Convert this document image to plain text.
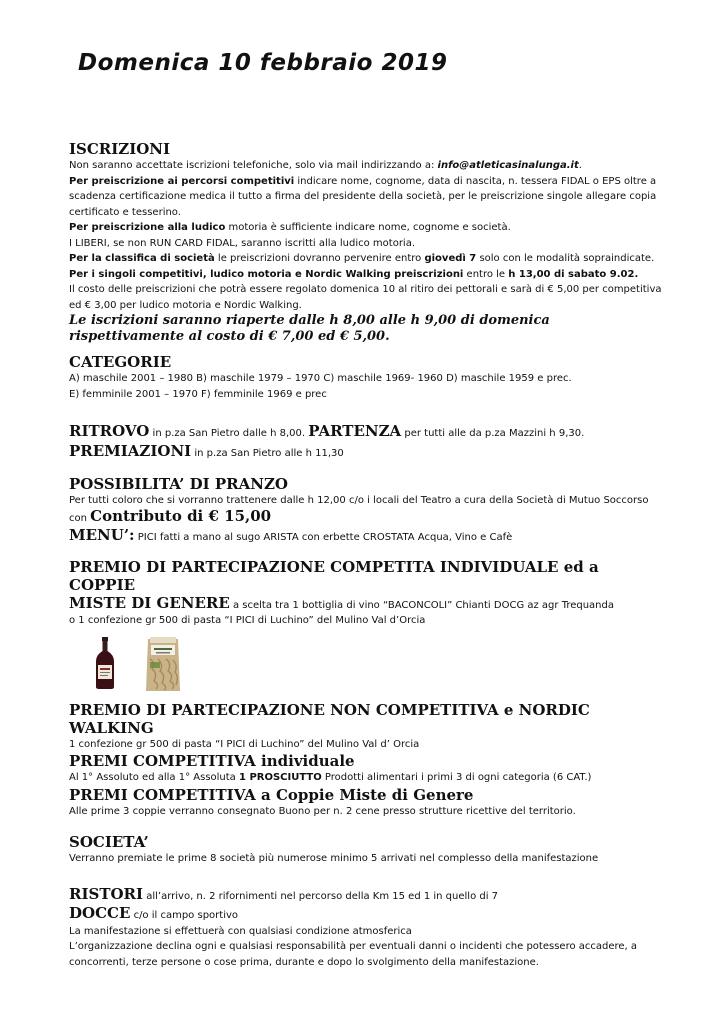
Domenica 10 febbraio 2019
ISCRIZIONI
Non saranno accettate iscrizioni telefoniche, solo via mail indirizzando a: info@atleticasinalunga.it.
Per preiscrizione ai percorsi competitivi indicare nome, cognome, data di nascita, n. tessera FIDAL o EPS oltre a scadenza certificazione medica il tutto a firma del presidente della società, per le preiscrizione singole allegare copia certificato e tesserino.
Per preiscrizione alla ludico motoria è sufficiente indicare nome, cognome e società.
I LIBERI, se non RUN CARD FIDAL, saranno iscritti alla ludico motoria.
Per la classifica di società le preiscrizioni dovranno pervenire entro giovedì 7 solo con le modalità sopraindicate.
Per i singoli competitivi, ludico motoria e Nordic Walking preiscrizioni entro le h 13,00 di sabato 9.02.
Il costo delle preiscrizioni che potrà essere regolato domenica 10 al ritiro dei pettorali e sarà di € 5,00 per competitiva ed € 3,00 per ludico motoria e Nordic Walking.
Le iscrizioni saranno riaperte dalle h 8,00 alle h 9,00 di domenica rispettivamente al costo di € 7,00 ed € 5,00.
CATEGORIE
A) maschile 2001 – 1980 B) maschile 1979 – 1970 C) maschile 1969- 1960 D) maschile 1959 e prec.
E) femminile 2001 – 1970 F) femminile 1969 e prec
RITROVO in p.za San Pietro dalle h 8,00. PARTENZA per tutti alle da p.za Mazzini h 9,30.
PREMIAZIONI in p.za San Pietro alle h 11,30
POSSIBILITA’ DI PRANZO
Per tutti coloro che si vorranno trattenere dalle h 12,00 c/o i locali del Teatro a cura della Società di Mutuo Soccorso con Contributo di € 15,00
MENU’: PICI fatti a mano al sugo ARISTA con erbette CROSTATA Acqua, Vino e Cafè
PREMIO DI PARTECIPAZIONE COMPETITA INDIVIDUALE ed a COPPIE
MISTE DI GENERE a scelta tra 1 bottiglia di vino “BACONCOLI” Chianti DOCG az agr Trequanda
o 1 confezione gr 500 di pasta “I PICI di Luchino” del Mulino Val d’Orcia
PREMIO DI PARTECIPAZIONE NON COMPETITIVA e NORDIC WALKING
1 confezione gr 500 di pasta “I PICI di Luchino” del Mulino Val d’ Orcia
PREMI COMPETITIVA individuale
Al 1° Assoluto ed alla 1° Assoluta 1 PROSCIUTTO Prodotti alimentari i primi 3 di ogni categoria (6 CAT.)
PREMI COMPETITIVA a Coppie Miste di Genere
Alle prime 3 coppie verranno consegnato Buono per n. 2 cene presso strutture ricettive del territorio.
SOCIETA’
Verranno premiate le prime 8 società più numerose minimo 5 arrivati nel complesso della manifestazione
RISTORI all’arrivo, n. 2 rifornimenti nel percorso della Km 15 ed 1 in quello di 7
DOCCE c/o il campo sportivo
La manifestazione si effettuerà con qualsiasi condizione atmosferica
L’organizzazione declina ogni e qualsiasi responsabilità per eventuali danni o incidenti che potessero accadere, a concorrenti, terze persone o cose prima, durante e dopo lo svolgimento della manifestazione.
